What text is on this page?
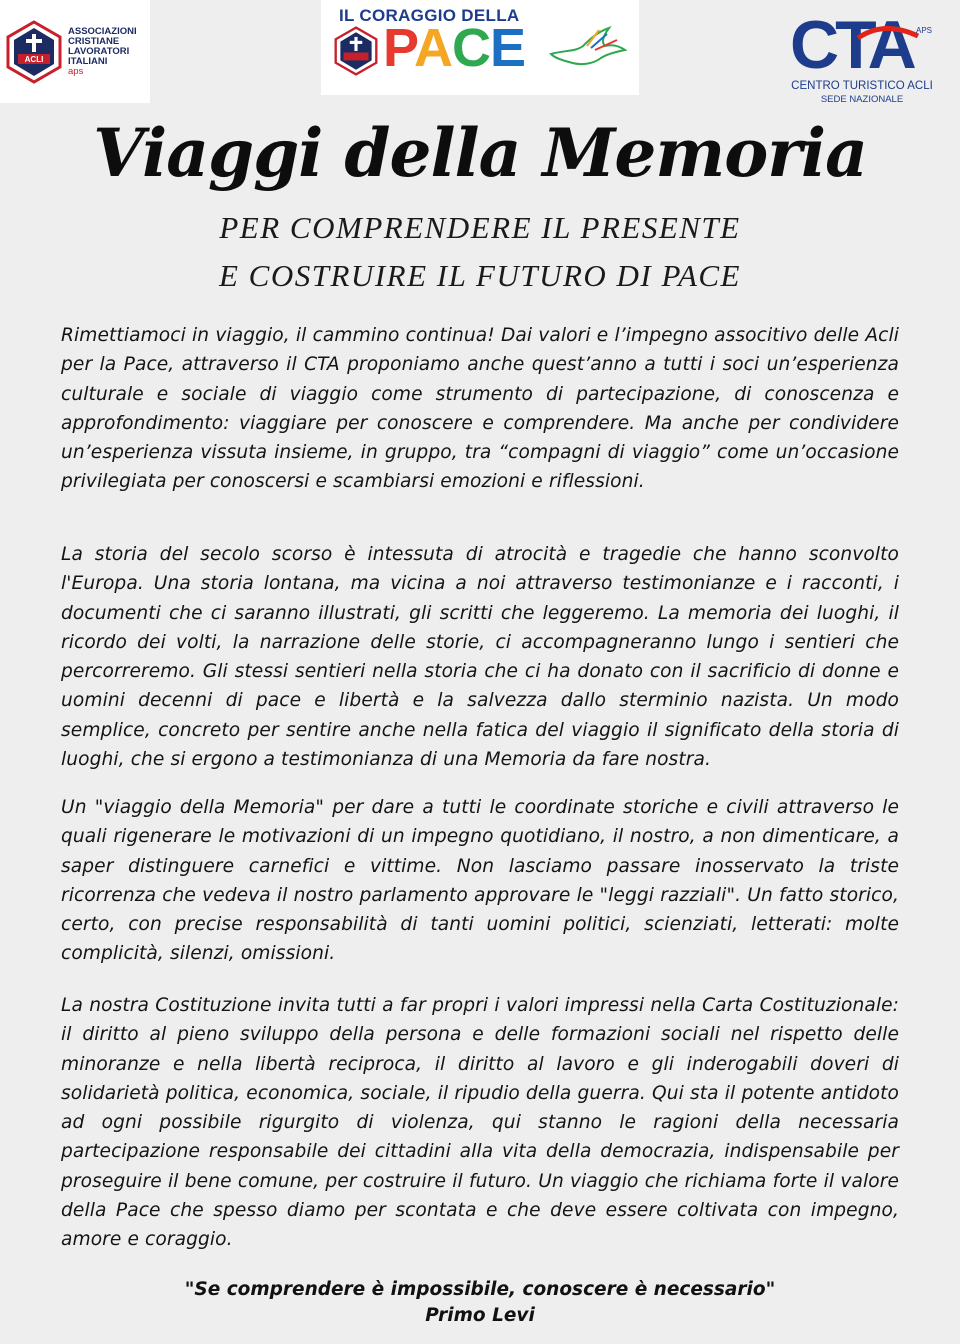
ACLI
ASSOCIAZIONI
CRISTIANE
LAVORATORI
ITALIANI
aps
IL CORAGGIO DELLA
PACE	CTA APS
CENTRO TURISTICO ACLI
SEDE NAZIONALE
Viaggi della Memoria
PER COMPRENDERE IL PRESENTE
E COSTRUIRE IL FUTURO DI PACE

Rimettiamoci in viaggio, il cammino continua! Dai valori e l’impegno associtivo delle Acli per la Pace, attraverso il CTA proponiamo anche quest’anno a tutti i soci un’esperienza culturale e sociale di viaggio come strumento di partecipazione, di conoscenza e approfondimento: viaggiare per conoscere e comprendere. Ma anche per condividere un’esperienza vissuta insieme, in gruppo, tra “compagni di viaggio” come un’occasione privilegiata per conoscersi e scambiarsi emozioni e riflessioni.

La storia del secolo scorso è intessuta di atrocità e tragedie che hanno sconvolto l'Europa. Una storia lontana, ma vicina a noi attraverso testimonianze e i racconti, i documenti che ci saranno illustrati, gli scritti che leggeremo. La memoria dei luoghi, il ricordo dei volti, la narrazione delle storie, ci accompagneranno lungo i sentieri che percorreremo. Gli stessi sentieri nella storia che ci ha donato con il sacrificio di donne e uomini decenni di pace e libertà e la salvezza dallo sterminio nazista. Un modo semplice, concreto per sentire anche nella fatica del viaggio il significato della storia di luoghi, che si ergono a testimonianza di una Memoria da fare nostra.

Un "viaggio della Memoria" per dare a tutti le coordinate storiche e civili attraverso le quali rigenerare le motivazioni di un impegno quotidiano, il nostro, a non dimenticare, a saper distinguere carnefici e vittime. Non lasciamo passare inosservato la triste ricorrenza che vedeva il nostro parlamento approvare le "leggi razziali". Un fatto storico, certo, con precise responsabilità di tanti uomini politici, scienziati, letterati: molte complicità, silenzi, omissioni.

La nostra Costituzione invita tutti a far propri i valori impressi nella Carta Costituzionale: il diritto al pieno sviluppo della persona e delle formazioni sociali nel rispetto delle minoranze e nella libertà reciproca, il diritto al lavoro e gli inderogabili doveri di solidarietà politica, economica, sociale, il ripudio della guerra. Qui sta il potente antidoto ad ogni possibile rigurgito di violenza, qui stanno le ragioni della necessaria partecipazione responsabile dei cittadini alla vita della democrazia, indispensabile per proseguire il bene comune, per costruire il futuro. Un viaggio che richiama forte il valore della Pace che spesso diamo per scontata e che deve essere coltivata con impegno, amore e coraggio.

"Se comprendere è impossibile, conoscere è necessario"
Primo Levi
